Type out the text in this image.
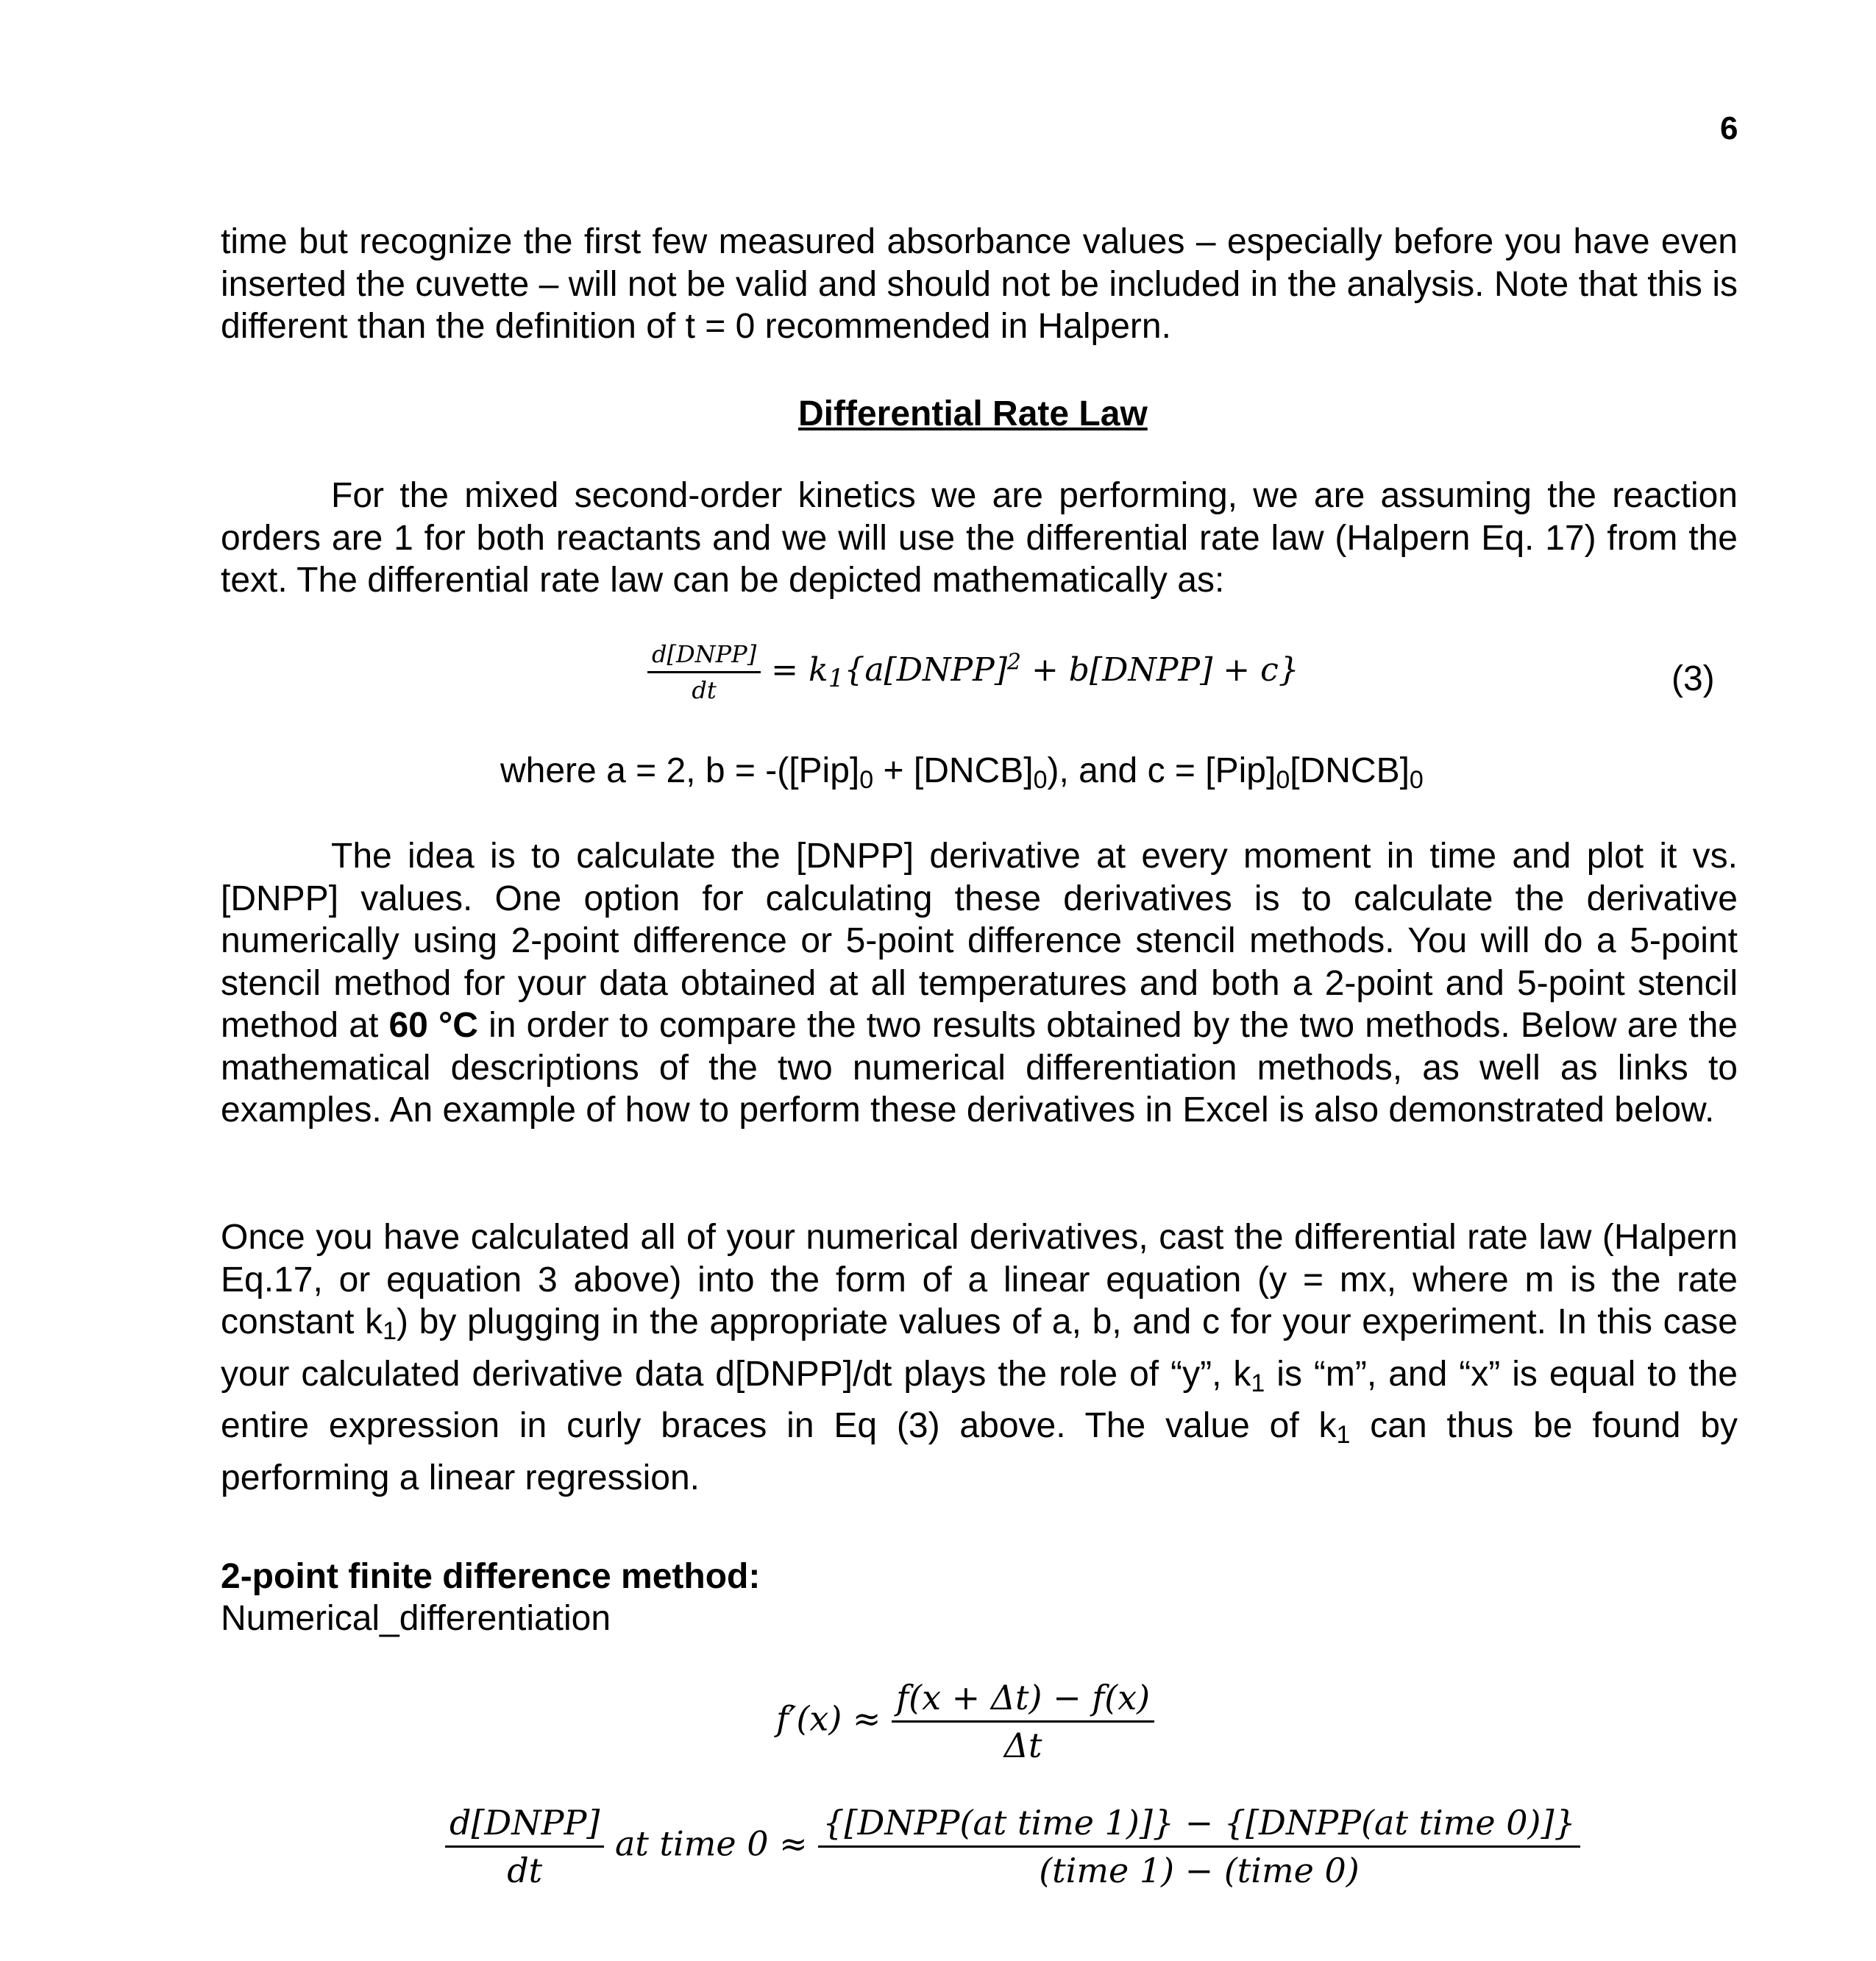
6
time but recognize the first few measured absorbance values – especially before you have even inserted the cuvette – will not be valid and should not be included in the analysis. Note that this is different than the definition of t = 0 recommended in Halpern.
Differential Rate Law
For the mixed second-order kinetics we are performing, we are assuming the reaction orders are 1 for both reactants and we will use the differential rate law (Halpern Eq. 17) from the text. The differential rate law can be depicted mathematically as:
$\frac{\text{d[DNPP]}}{dt}$ = $k_1\{a[DNPP]^2$ + b[DNPP] + c}	(3)
where a = 2, $b = -([Pip]_0$ + $[DNCB]_0$), and $c = [Pip]_0[DNCB]_0$
The idea is to calculate the [DNPP] derivative at every moment in time and plot it vs. [DNPP] values. One option for calculating these derivatives is to calculate the derivative numerically using 2-point difference or 5-point difference stencil methods. You will do a 5-point stencil method for your data obtained at all temperatures and both a 2-point and 5-point stencil method at 60 °C in order to compare the two results obtained by the two methods. Below are the mathematical descriptions of the two numerical differentiation methods, as well as links to examples. An example of how to perform these derivatives in Excel is also demonstrated below.
Once you have calculated all of your numerical derivatives, cast the differential rate law (Halpern Eq.17, or equation 3 above) into the form of a linear equation (y = mx, where m is the rate constant $k_1$) by plugging in the appropriate values of a, b, and c for your experiment. In this case your calculated derivative data d[DNPP]/dt plays the role of “y”, $k_1$ is “m”, and “x” is equal to the entire expression in curly braces in Eq (3) above. The value of $k_1$ can thus be found by performing a linear regression.
2-point finite difference method:
Numerical_differentiation
$f'(x) \approx \frac{f(x + \Delta t) - f(x)}{\Delta t}$
$\frac{\text{d[DNPP]}}{dt}$ at time $0 \approx \frac{\text{\{[DNPP(at time 1)]\} − \{[DNPP(at time 0)]\}}}{\text{(time 1) − (time 0)}}$
